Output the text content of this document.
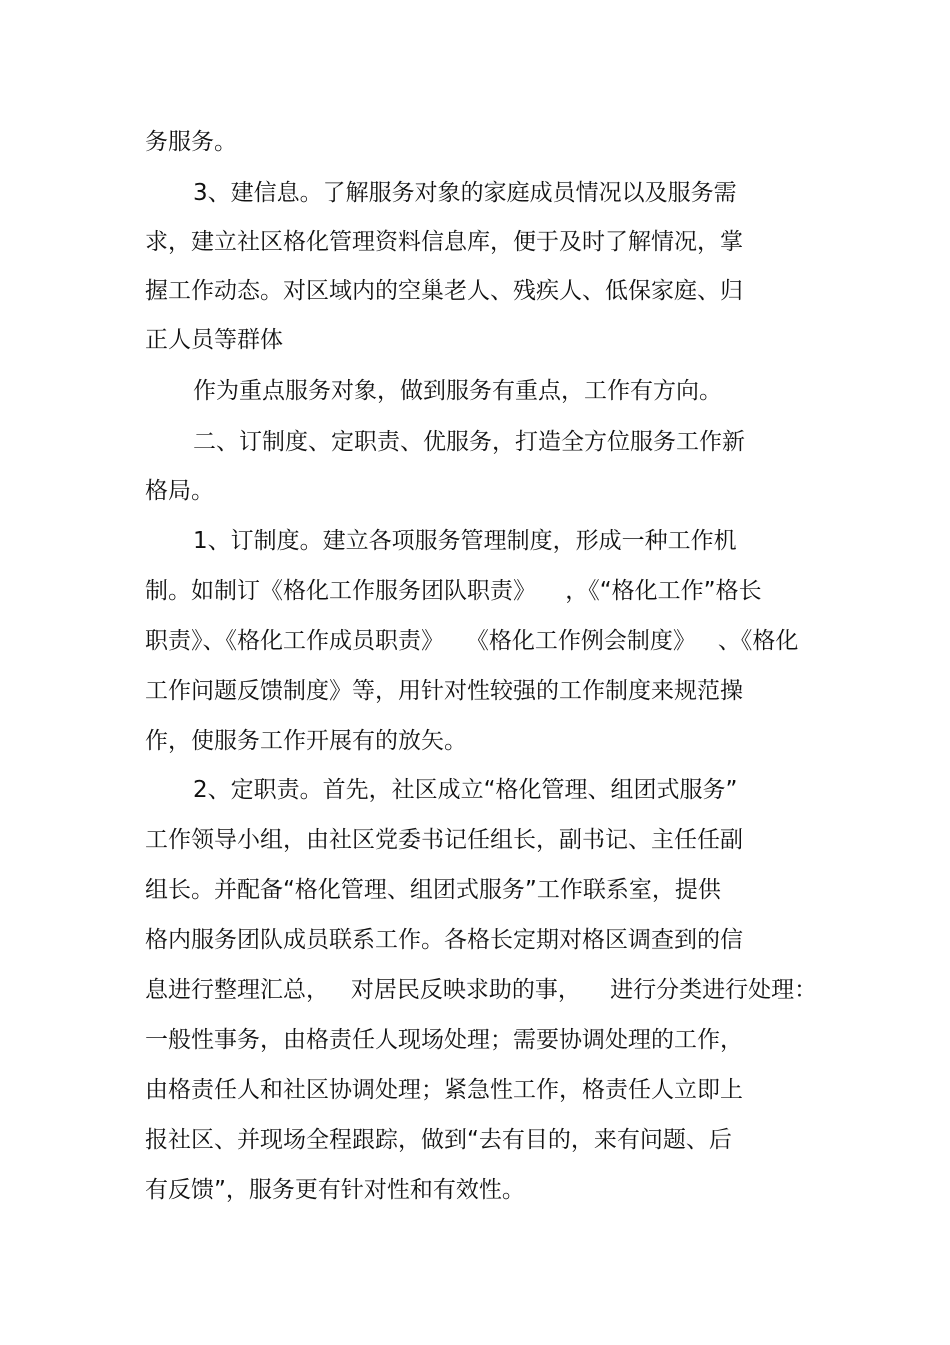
务服务。
3、建信息。了解服务对象的家庭成员情况以及服务需
求，建立社区格化管理资料信息库，便于及时了解情况，掌
握工作动态。对区域内的空巢老人、残疾人、低保家庭、归
正人员等群体
作为重点服务对象，做到服务有重点，工作有方向。
二、订制度、定职责、优服务，打造全方位服务工作新
格局。
1、订制度。建立各项服务管理制度，形成一种工作机
制。如制订《格化工作服务团队职责》    ，《“格化工作”格长
职责》、《格化工作成员职责》   《格化工作例会制度》   、《格化
工作问题反馈制度》等，用针对性较强的工作制度来规范操
作，使服务工作开展有的放矢。
2、定职责。首先，社区成立“格化管理、组团式服务”
工作领导小组，由社区党委书记任组长，副书记、主任任副
组长。并配备“格化管理、组团式服务”工作联系室，提供
格内服务团队成员联系工作。各格长定期对格区调查到的信
息进行整理汇总，   对居民反映求助的事，    进行分类进行处理：
一般性事务，由格责任人现场处理；需要协调处理的工作，
由格责任人和社区协调处理；紧急性工作，格责任人立即上
报社区、并现场全程跟踪，做到“去有目的，来有问题、后
有反馈”，服务更有针对性和有效性。
